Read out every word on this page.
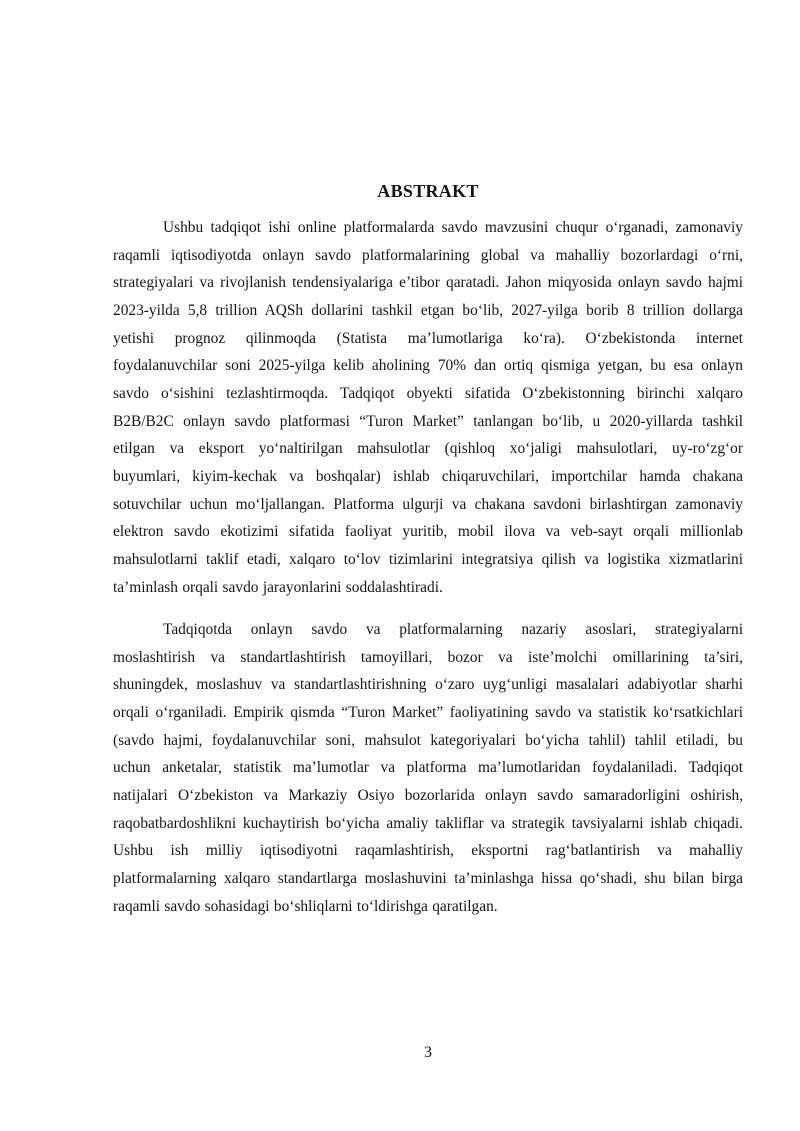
ABSTRAKT
Ushbu tadqiqot ishi online platformalarda savdo mavzusini chuqur o‘rganadi, zamonaviy
raqamli iqtisodiyotda onlayn savdo platformalarining global va mahalliy bozorlardagi o‘rni,
strategiyalari va rivojlanish tendensiyalariga e’tibor qaratadi. Jahon miqyosida onlayn savdo hajmi
2023-yilda 5,8 trillion AQSh dollarini tashkil etgan bo‘lib, 2027-yilga borib 8 trillion dollarga
yetishi prognoz qilinmoqda (Statista ma’lumotlariga ko‘ra). O‘zbekistonda internet
foydalanuvchilar soni 2025-yilga kelib aholining 70% dan ortiq qismiga yetgan, bu esa onlayn
savdo o‘sishini tezlashtirmoqda. Tadqiqot obyekti sifatida O‘zbekistonning birinchi xalqaro
B2B/B2C onlayn savdo platformasi “Turon Market” tanlangan bo‘lib, u 2020-yillarda tashkil
etilgan va eksport yo‘naltirilgan mahsulotlar (qishloq xo‘jaligi mahsulotlari, uy-ro‘zg‘or
buyumlari, kiyim-kechak va boshqalar) ishlab chiqaruvchilari, importchilar hamda chakana
sotuvchilar uchun mo‘ljallangan. Platforma ulgurji va chakana savdoni birlashtirgan zamonaviy
elektron savdo ekotizimi sifatida faoliyat yuritib, mobil ilova va veb-sayt orqali millionlab
mahsulotlarni taklif etadi, xalqaro to‘lov tizimlarini integratsiya qilish va logistika xizmatlarini
ta’minlash orqali savdo jarayonlarini soddalashtiradi.
Tadqiqotda onlayn savdo va platformalarning nazariy asoslari, strategiyalarni
moslashtirish va standartlashtirish tamoyillari, bozor va iste’molchi omillarining ta’siri,
shuningdek, moslashuv va standartlashtirishning o‘zaro uyg‘unligi masalalari adabiyotlar sharhi
orqali o‘rganiladi. Empirik qismda “Turon Market” faoliyatining savdo va statistik ko‘rsatkichlari
(savdo hajmi, foydalanuvchilar soni, mahsulot kategoriyalari bo‘yicha tahlil) tahlil etiladi, bu
uchun anketalar, statistik ma’lumotlar va platforma ma’lumotlaridan foydalaniladi. Tadqiqot
natijalari O‘zbekiston va Markaziy Osiyo bozorlarida onlayn savdo samaradorligini oshirish,
raqobatbardoshlikni kuchaytirish bo‘yicha amaliy takliflar va strategik tavsiyalarni ishlab chiqadi.
Ushbu ish milliy iqtisodiyotni raqamlashtirish, eksportni rag‘batlantirish va mahalliy
platformalarning xalqaro standartlarga moslashuvini ta’minlashga hissa qo‘shadi, shu bilan birga
raqamli savdo sohasidagi bo‘shliqlarni to‘ldirishga qaratilgan.
3
